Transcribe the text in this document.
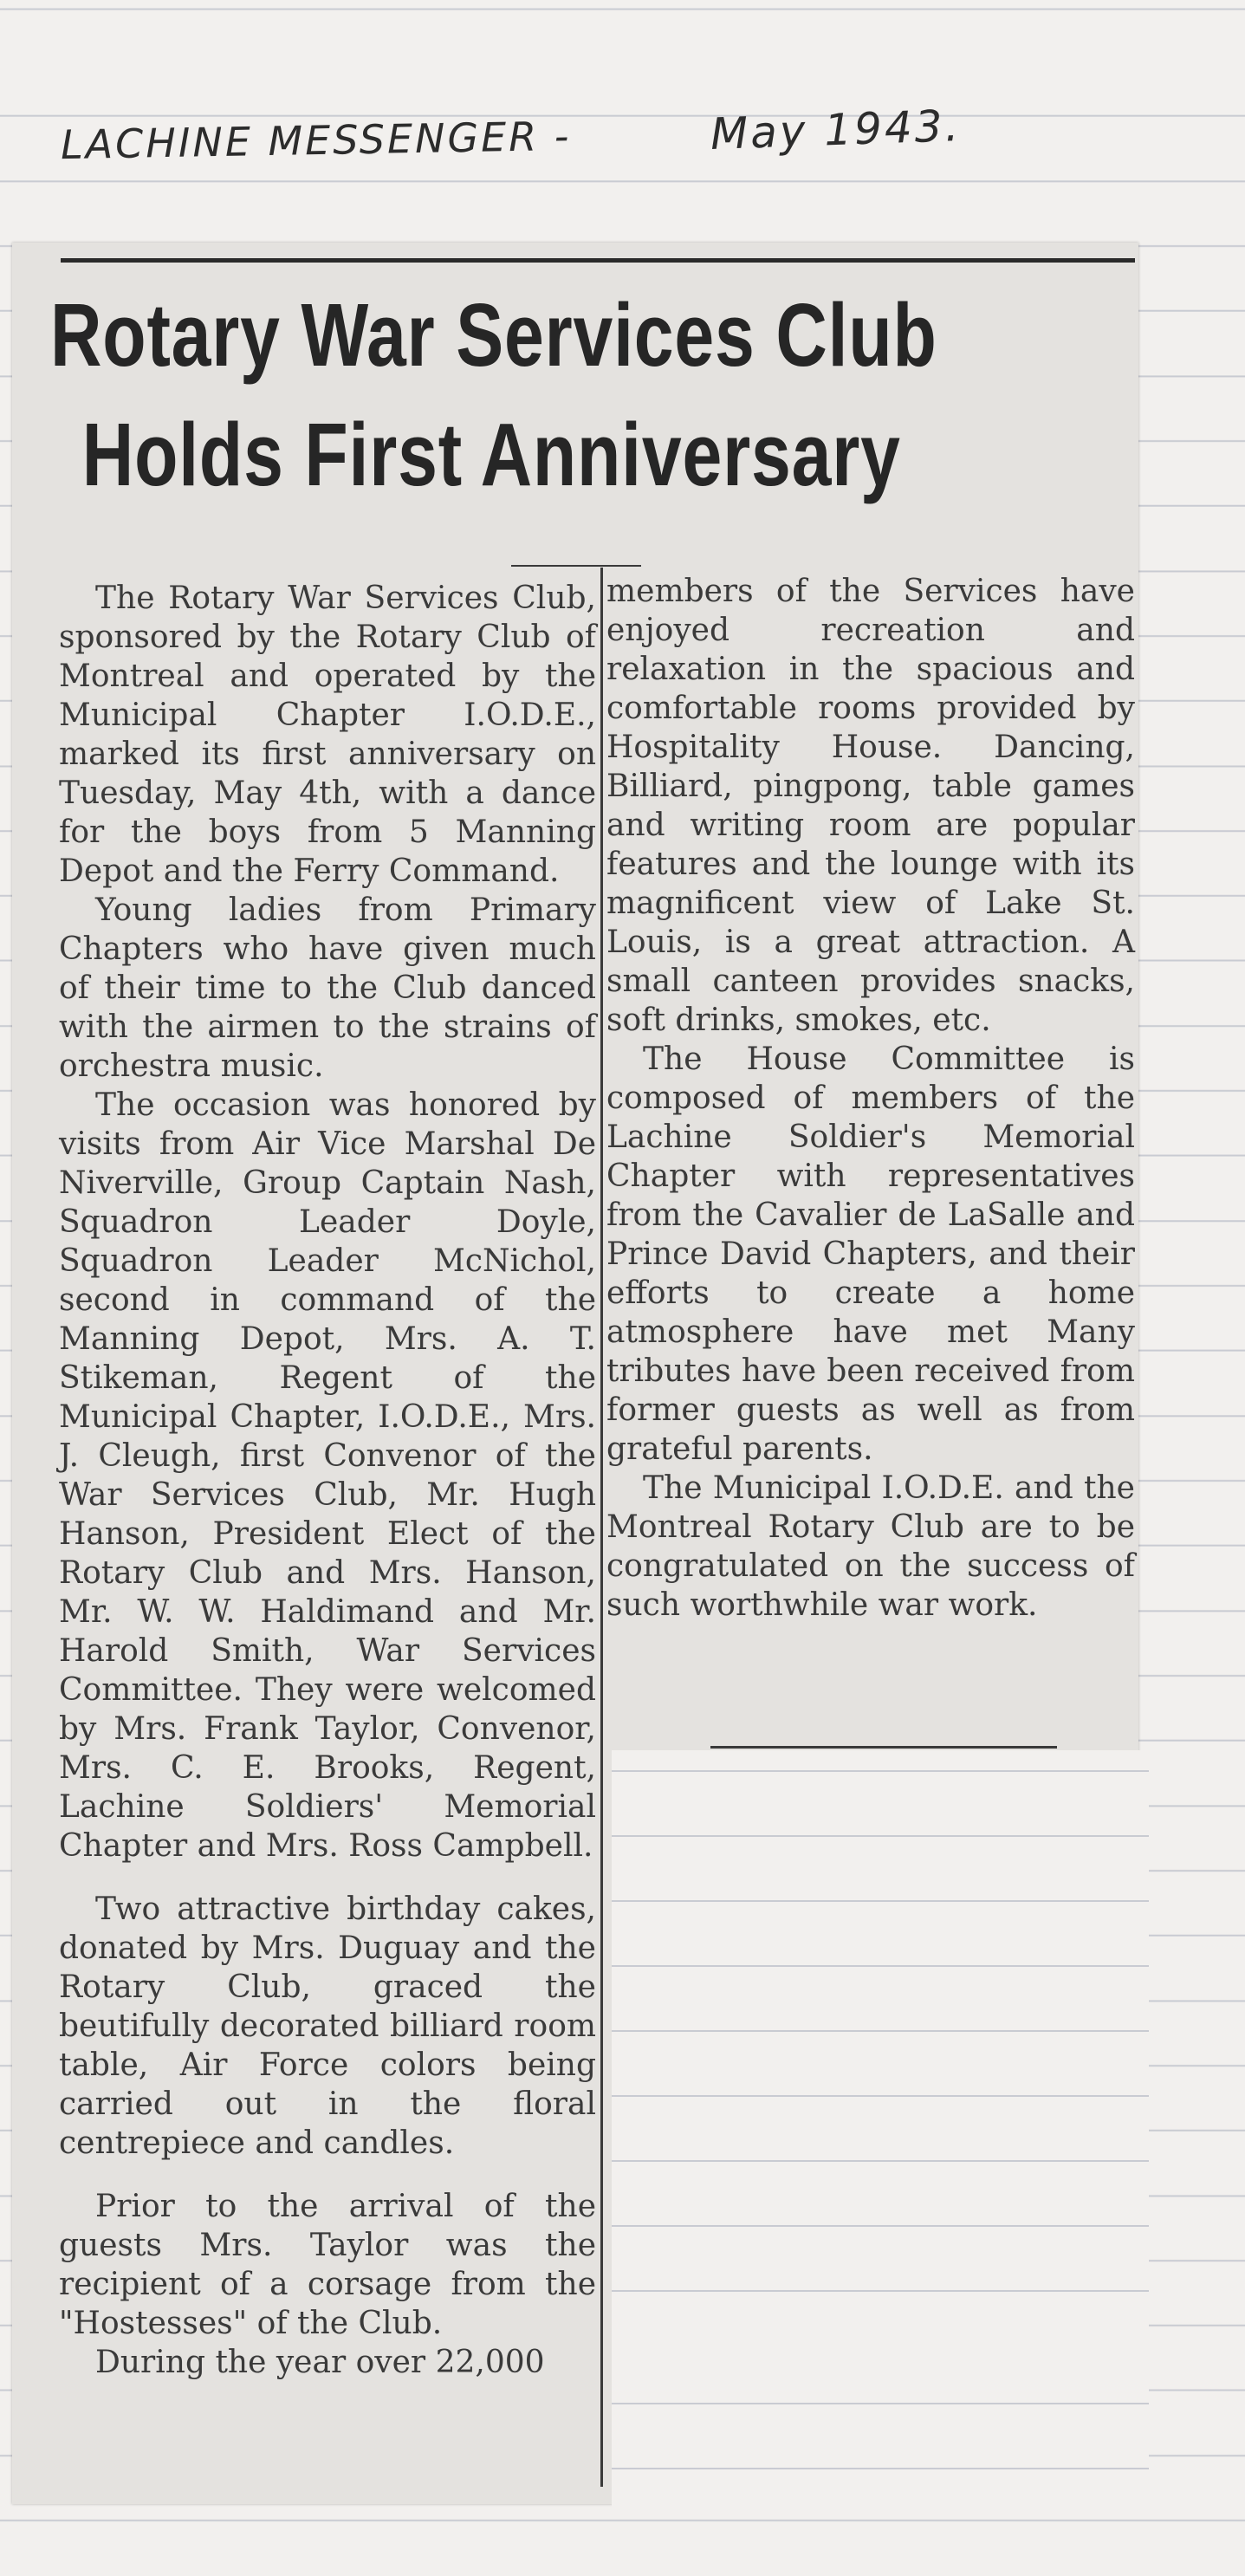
LACHINE MESSENGER -	May 1943.
Rotary War Services Club
Holds First Anniversary

The Rotary War Services Club, sponsored by the Rotary Club of Montreal and operated by the Municipal Chapter I.O.D.E., marked its first anniversary on Tuesday, May 4th, with a dance for the boys from 5 Manning Depot and the Ferry Command.

Young ladies from Primary Chapters who have given much of their time to the Club danced with the airmen to the strains of orchestra music.

The occasion was honored by visits from Air Vice Marshal De Niverville, Group Captain Nash, Squadron Leader Doyle, Squadron Leader McNichol, second in command of the Manning Depot, Mrs. A. T. Stikeman, Regent of the Municipal Chapter, I.O.D.E., Mrs. J. Cleugh, first Convenor of the War Services Club, Mr. Hugh Hanson, President Elect of the Rotary Club and Mrs. Hanson, Mr. W. W. Haldimand and Mr. Harold Smith, War Services Committee. They were welcomed by Mrs. Frank Taylor, Convenor, Mrs. C. E. Brooks, Regent, Lachine Soldiers' Memorial Chapter and Mrs. Ross Campbell.

Two attractive birthday cakes, donated by Mrs. Duguay and the Rotary Club, graced the beutifully decorated billiard room table, Air Force colors being carried out in the floral centrepiece and candles.

Prior to the arrival of the guests Mrs. Taylor was the recipient of a corsage from the "Hostesses" of the Club.

During the year over 22,000

members of the Services have enjoyed recreation and relaxation in the spacious and comfortable rooms provided by Hospitality House. Dancing, Billiard, pingpong, table games and writing room are popular features and the lounge with its magnificent view of Lake St. Louis, is a great attraction. A small canteen provides snacks, soft drinks, smokes, etc.

The House Committee is composed of members of the Lachine Soldier's Memorial Chapter with representatives from the Cavalier de LaSalle and Prince David Chapters, and their efforts to create a home atmosphere have met Many tributes have been received from former guests as well as from grateful parents.

The Municipal I.O.D.E. and the Montreal Rotary Club are to be congratulated on the success of such worthwhile war work.
